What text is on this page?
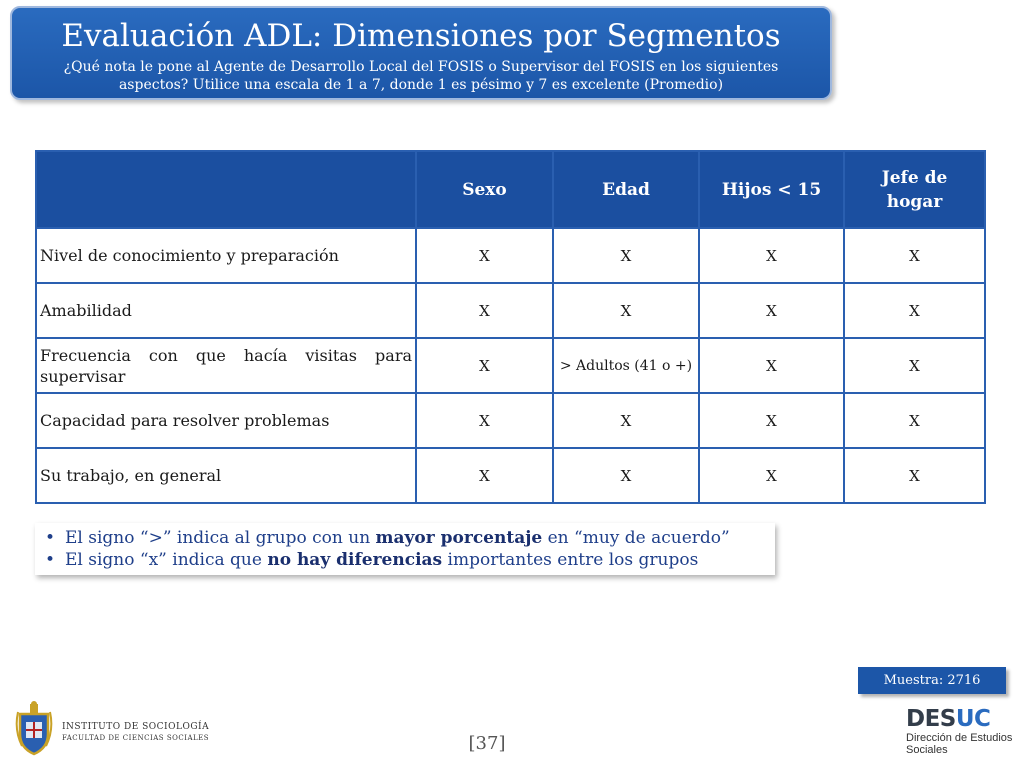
Evaluación ADL: Dimensiones por Segmentos
¿Qué nota le pone al Agente de Desarrollo Local del FOSIS o Supervisor del FOSIS en los siguientes aspectos? Utilice una escala de 1 a 7, donde 1 es pésimo y 7 es excelente (Promedio)
	Sexo	Edad	Hijos < 15	Jefe de hogar
Nivel de conocimiento y preparación	X	X	X	X
Amabilidad	X	X	X	X
Frecuencia con que hacía visitas para supervisar	X	> Adultos (41 o +)	X	X
Capacidad para resolver problemas	X	X	X	X
Su trabajo, en general	X	X	X	X
• El signo “>” indica al grupo con un mayor porcentaje en “muy de acuerdo”
• El signo “x” indica que no hay diferencias importantes entre los grupos
Muestra: 2716
[37]
INSTITUTO DE SOCIOLOGÍA
FACULTAD DE CIENCIAS SOCIALES
DESUC
Dirección de Estudios
Sociales
